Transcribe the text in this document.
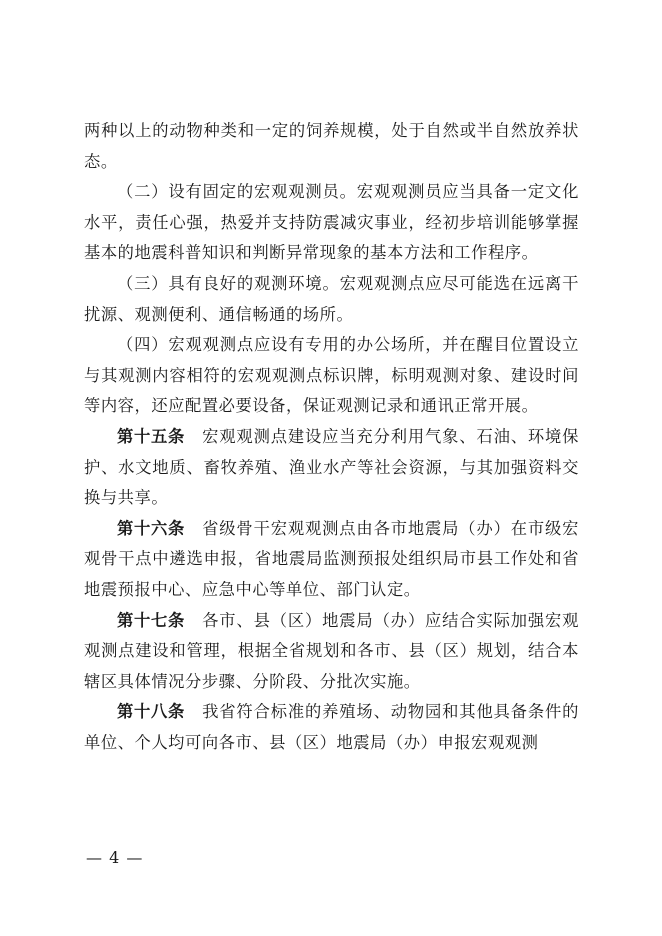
两种以上的动物种类和一定的饲养规模，处于自然或半自然放养状态。

（二）设有固定的宏观观测员。宏观观测员应当具备一定文化水平，责任心强，热爱并支持防震减灾事业，经初步培训能够掌握基本的地震科普知识和判断异常现象的基本方法和工作程序。

（三）具有良好的观测环境。宏观观测点应尽可能选在远离干扰源、观测便利、通信畅通的场所。

（四）宏观观测点应设有专用的办公场所，并在醒目位置设立与其观测内容相符的宏观观测点标识牌，标明观测对象、建设时间等内容，还应配置必要设备，保证观测记录和通讯正常开展。

第十五条  宏观观测点建设应当充分利用气象、石油、环境保护、水文地质、畜牧养殖、渔业水产等社会资源，与其加强资料交换与共享。

第十六条  省级骨干宏观观测点由各市地震局（办）在市级宏观骨干点中遴选申报，省地震局监测预报处组织局市县工作处和省地震预报中心、应急中心等单位、部门认定。

第十七条  各市、县（区）地震局（办）应结合实际加强宏观观测点建设和管理，根据全省规划和各市、县（区）规划，结合本辖区具体情况分步骤、分阶段、分批次实施。

第十八条  我省符合标准的养殖场、动物园和其他具备条件的单位、个人均可向各市、县（区）地震局（办）申报宏观观测

— 4 —
